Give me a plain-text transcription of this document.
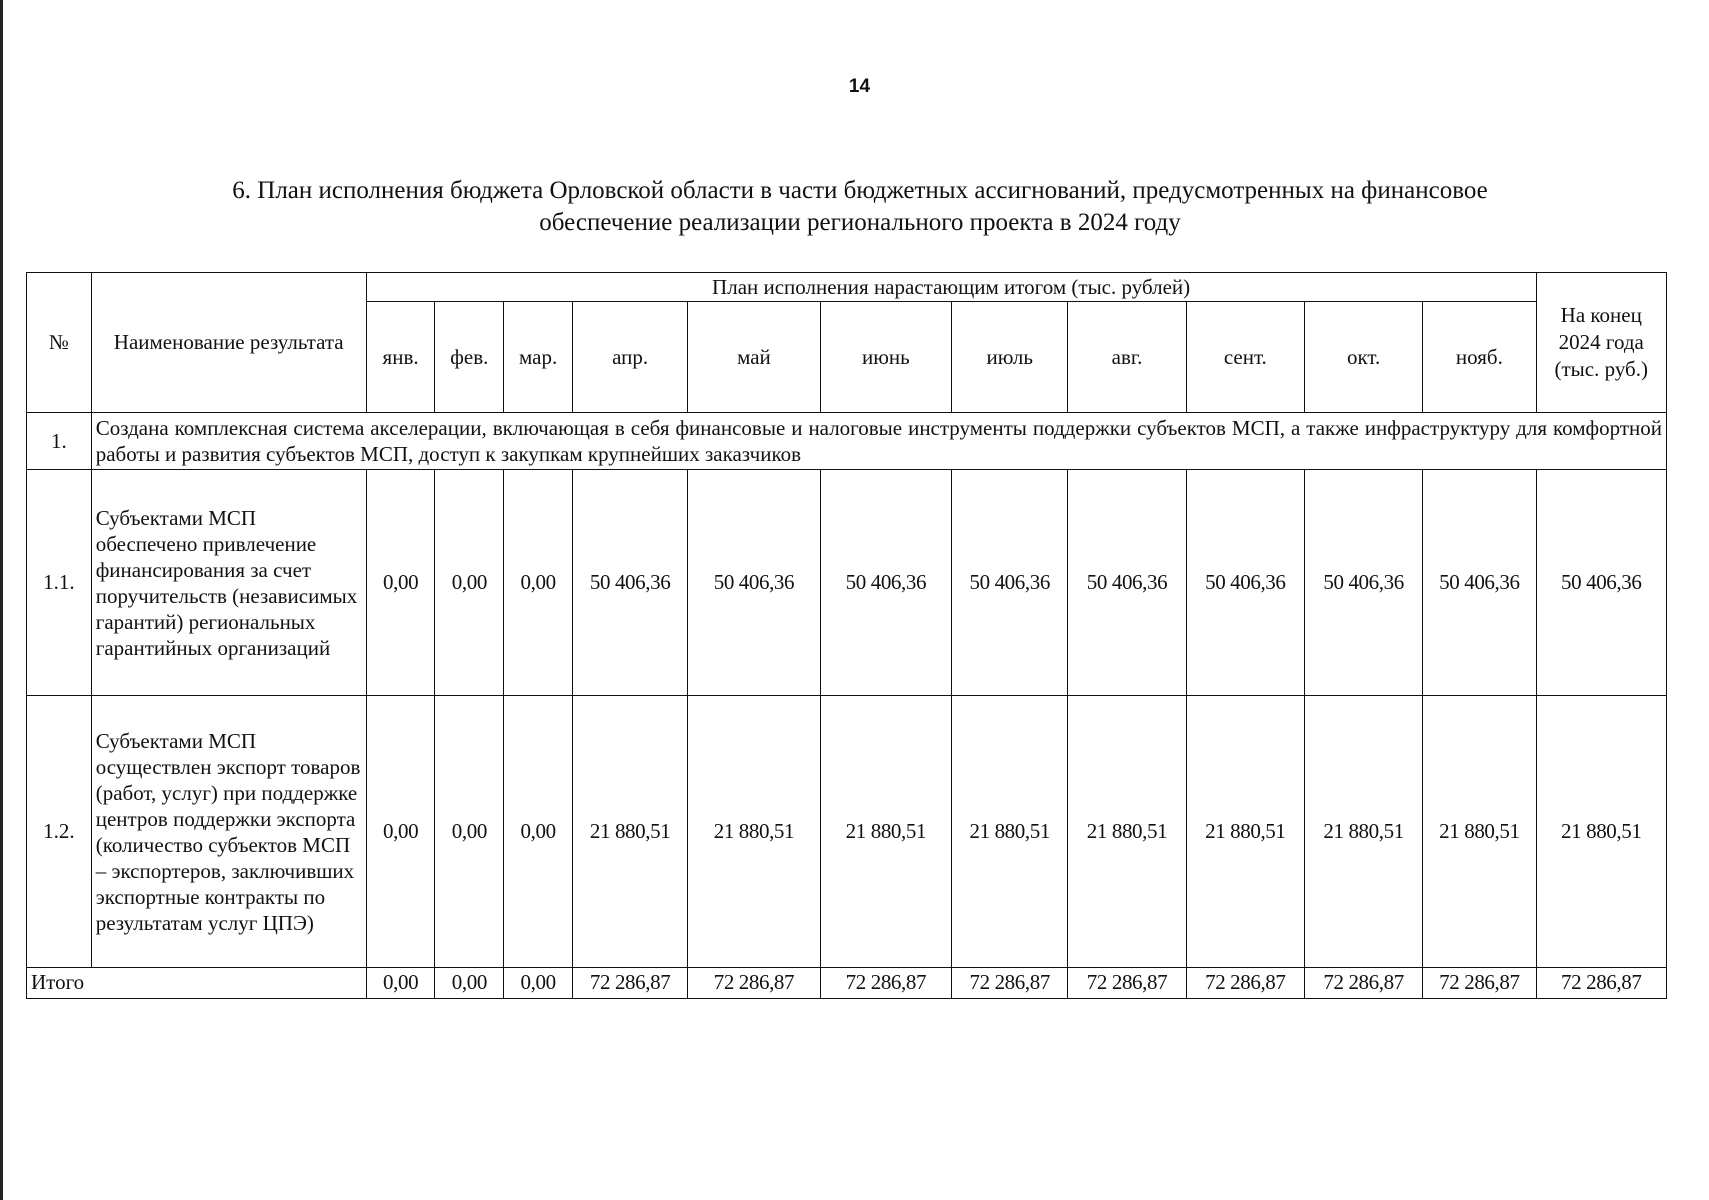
14
6. План исполнения бюджета Орловской области в части бюджетных ассигнований, предусмотренных на финансовое
обеспечение реализации регионального проекта в 2024 году
№	Наименование результата	План исполнения нарастающим итогом (тыс. рублей)											На конец 2024 года (тыс. руб.)
		янв.	фев.	мар.	апр.	май	июнь	июль	авг.	сент.	окт.	нояб.	
1.	Создана комплексная система акселерации, включающая в себя финансовые и налоговые инструменты поддержки субъектов МСП, а также инфраструктуру для комфортной работы и развития субъектов МСП, доступ к закупкам крупнейших заказчиков												
1.1.	Субъектами МСП обеспечено привлечение финансирования за счет поручительств (независимых гарантий) региональных гарантийных организаций	0,00	0,00	0,00	50 406,36	50 406,36	50 406,36	50 406,36	50 406,36	50 406,36	50 406,36	50 406,36	50 406,36
1.2.	Субъектами МСП осуществлен экспорт товаров (работ, услуг) при поддержке центров поддержки экспорта (количество субъектов МСП – экспортеров, заключивших экспортные контракты по результатам услуг ЦПЭ)	0,00	0,00	0,00	21 880,51	21 880,51	21 880,51	21 880,51	21 880,51	21 880,51	21 880,51	21 880,51	21 880,51
Итого		0,00	0,00	0,00	72 286,87	72 286,87	72 286,87	72 286,87	72 286,87	72 286,87	72 286,87	72 286,87	72 286,87
